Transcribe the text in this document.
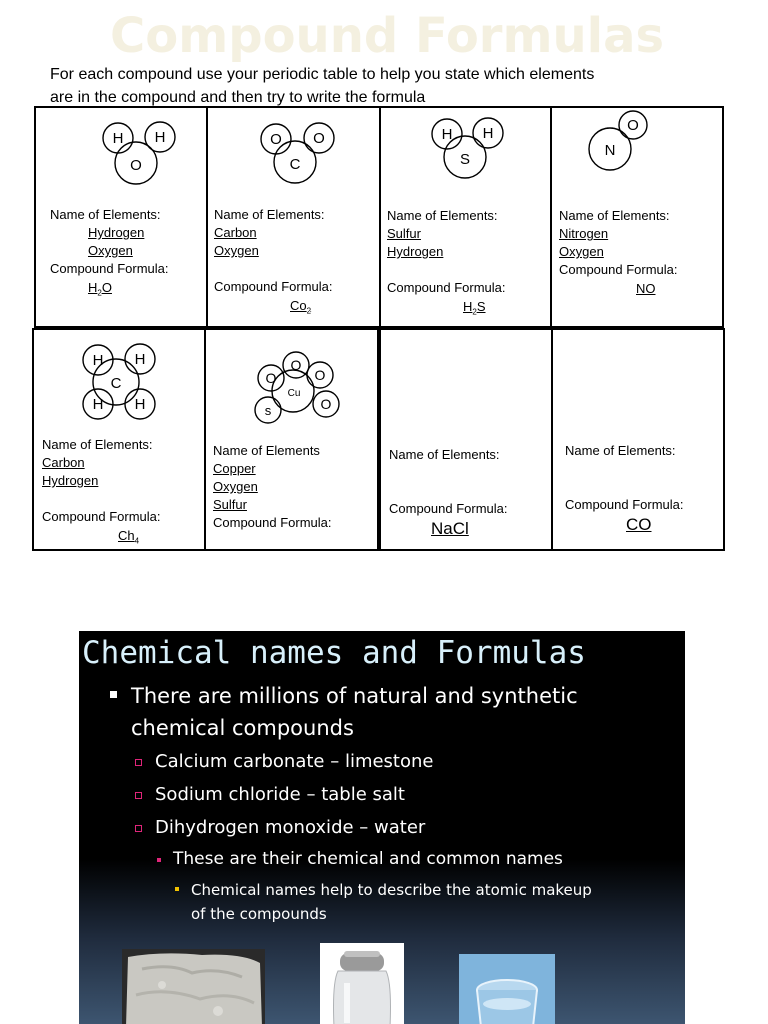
Compound Formulas
For each compound use your periodic table to help you state which elements
are in the compound and then try to write the formula
H H
O
Name of Elements:
Hydrogen
Oxygen
Compound Formula:
$H_2O$
O O
C
Name of Elements:
Carbon
Oxygen
Compound Formula:
$Co_2$
H H
S
Name of Elements:
Sulfur
Hydrogen
Compound Formula:
$H_2S$
O
N
Name of Elements:
Nitrogen
Oxygen
Compound Formula:
NO
H H
C
H H
Name of Elements:
Carbon
Hydrogen
Compound Formula:
$Ch_4$
O
O	O
Cu
s	O
Name of Elements
Copper
Oxygen
Sulfur
Compound Formula:
Name of Elements:
Compound Formula:
NaCl
Name of Elements:
Compound Formula:
CO
Chemical names and Formulas
There are millions of natural and synthetic
chemical compounds
Calcium carbonate – limestone
Sodium chloride – table salt
Dihydrogen monoxide – water
These are their chemical and common names
Chemical names help to describe the atomic makeup
of the compounds
